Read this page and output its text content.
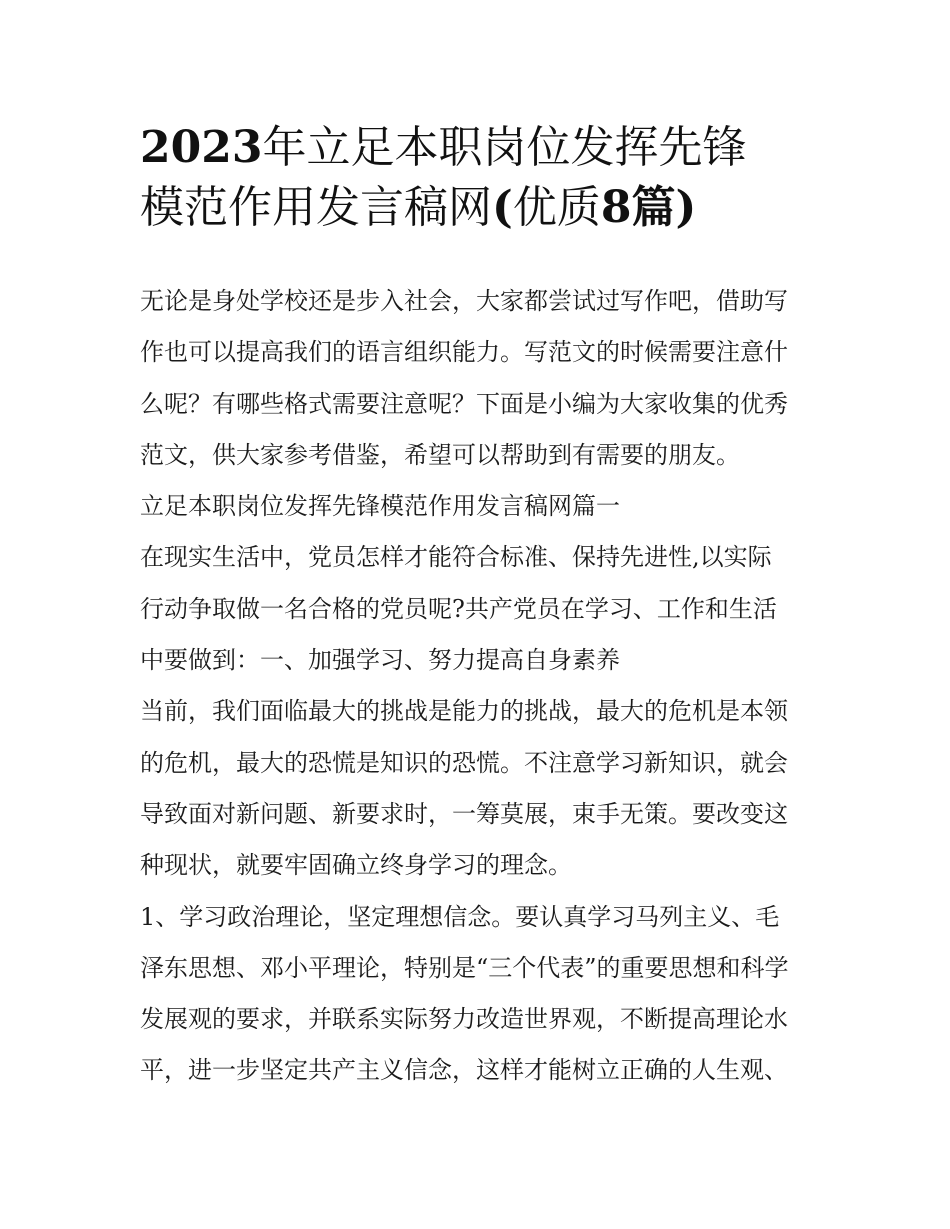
2023年立足本职岗位发挥先锋
模范作用发言稿网(优质8篇)
无论是身处学校还是步入社会，大家都尝试过写作吧，借助写
作也可以提高我们的语言组织能力。写范文的时候需要注意什
么呢？有哪些格式需要注意呢？下面是小编为大家收集的优秀
范文，供大家参考借鉴，希望可以帮助到有需要的朋友。
立足本职岗位发挥先锋模范作用发言稿网篇一
在现实生活中，党员怎样才能符合标准、保持先进性,以实际
行动争取做一名合格的党员呢?共产党员在学习、工作和生活
中要做到：一、加强学习、努力提高自身素养
当前，我们面临最大的挑战是能力的挑战，最大的危机是本领
的危机，最大的恐慌是知识的恐慌。不注意学习新知识，就会
导致面对新问题、新要求时，一筹莫展，束手无策。要改变这
种现状，就要牢固确立终身学习的理念。
1、学习政治理论，坚定理想信念。要认真学习马列主义、毛
泽东思想、邓小平理论，特别是“三个代表”的重要思想和科学
发展观的要求，并联系实际努力改造世界观，不断提高理论水
平，进一步坚定共产主义信念，这样才能树立正确的人生观、
